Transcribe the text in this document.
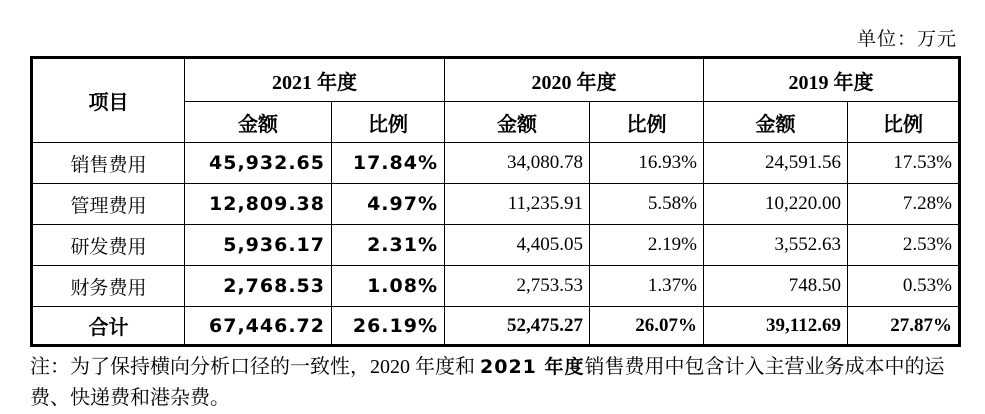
单位：万元
项目	2021 年度		2020 年度		2019 年度	
	金额	比例	金额	比例	金额	比例
销售费用	45,932.65	17.84%	34,080.78	16.93%	24,591.56	17.53%
管理费用	12,809.38	4.97%	11,235.91	5.58%	10,220.00	7.28%
研发费用	5,936.17	2.31%	4,405.05	2.19%	3,552.63	2.53%
财务费用	2,768.53	1.08%	2,753.53	1.37%	748.50	0.53%
合计	67,446.72	26.19%	52,475.27	26.07%	39,112.69	27.87%
注：为了保持横向分析口径的一致性，2020 年度和 2021 年度销售费用中包含计入主营业务成本中的运费、快递费和港杂费。
